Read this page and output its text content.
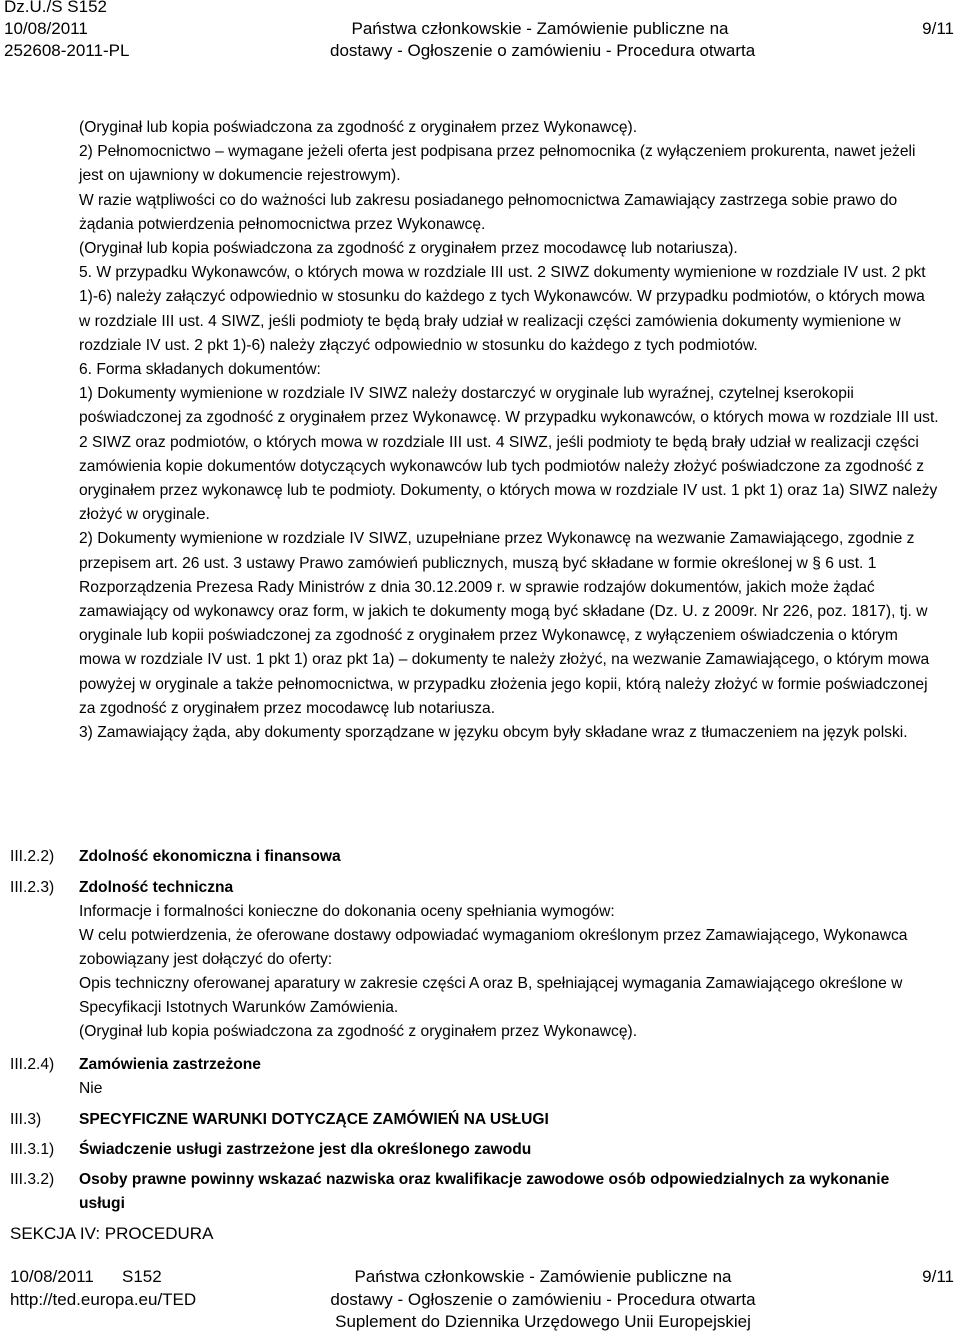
Dz.U./S S152
10/08/2011
252608-2011-PL
Państwa członkowskie - Zamówienie publiczne na
dostawy - Ogłoszenie o zamówieniu - Procedura otwarta
9/11

(Oryginał lub kopia poświadczona za zgodność z oryginałem przez Wykonawcę).

2) Pełnomocnictwo – wymagane jeżeli oferta jest podpisana przez pełnomocnika (z wyłączeniem prokurenta, nawet jeżeli jest on ujawniony w dokumencie rejestrowym).

W razie wątpliwości co do ważności lub zakresu posiadanego pełnomocnictwa Zamawiający zastrzega sobie prawo do żądania potwierdzenia pełnomocnictwa przez Wykonawcę.

(Oryginał lub kopia poświadczona za zgodność z oryginałem przez mocodawcę lub notariusza).

5. W przypadku Wykonawców, o których mowa w rozdziale III ust. 2 SIWZ dokumenty wymienione w rozdziale IV ust. 2 pkt 1)-6) należy załączyć odpowiednio w stosunku do każdego z tych Wykonawców. W przypadku podmiotów, o których mowa w rozdziale III ust. 4 SIWZ, jeśli podmioty te będą brały udział w realizacji części zamówienia dokumenty wymienione w rozdziale IV ust. 2 pkt 1)-6) należy złączyć odpowiednio w stosunku do każdego z tych podmiotów.

6. Forma składanych dokumentów:

1) Dokumenty wymienione w rozdziale IV SIWZ należy dostarczyć w oryginale lub wyraźnej, czytelnej kserokopii poświadczonej za zgodność z oryginałem przez Wykonawcę. W przypadku wykonawców, o których mowa w rozdziale III ust. 2 SIWZ oraz podmiotów, o których mowa w rozdziale III ust. 4 SIWZ, jeśli podmioty te będą brały udział w realizacji części zamówienia kopie dokumentów dotyczących wykonawców lub tych podmiotów należy złożyć poświadczone za zgodność z oryginałem przez wykonawcę lub te podmioty. Dokumenty, o których mowa w rozdziale IV ust. 1 pkt 1) oraz 1a) SIWZ należy złożyć w oryginale.

2) Dokumenty wymienione w rozdziale IV SIWZ, uzupełniane przez Wykonawcę na wezwanie Zamawiającego, zgodnie z przepisem art. 26 ust. 3 ustawy Prawo zamówień publicznych, muszą być składane w formie określonej w § 6 ust. 1 Rozporządzenia Prezesa Rady Ministrów z dnia 30.12.2009 r. w sprawie rodzajów dokumentów, jakich może żądać zamawiający od wykonawcy oraz form, w jakich te dokumenty mogą być składane (Dz. U. z 2009r. Nr 226, poz. 1817), tj. w oryginale lub kopii poświadczonej za zgodność z oryginałem przez Wykonawcę, z wyłączeniem oświadczenia o którym mowa w rozdziale IV ust. 1 pkt 1) oraz pkt 1a) – dokumenty te należy złożyć, na wezwanie Zamawiającego, o którym mowa powyżej w oryginale a także pełnomocnictwa, w przypadku złożenia jego kopii, którą należy złożyć w formie poświadczonej za zgodność z oryginałem przez mocodawcę lub notariusza.

3) Zamawiający żąda, aby dokumenty sporządzane w języku obcym były składane wraz z tłumaczeniem na język polski.

III.2.2) Zdolność ekonomiczna i finansowa
III.2.3) Zdolność techniczna
Informacje i formalności konieczne do dokonania oceny spełniania wymogów:
W celu potwierdzenia, że oferowane dostawy odpowiadać wymaganiom określonym przez Zamawiającego, Wykonawca zobowiązany jest dołączyć do oferty:
Opis techniczny oferowanej aparatury w zakresie części A oraz B, spełniającej wymagania Zamawiającego określone w Specyfikacji Istotnych Warunków Zamówienia.
(Oryginał lub kopia poświadczona za zgodność z oryginałem przez Wykonawcę).
III.2.4) Zamówienia zastrzeżone
Nie
III.3) SPECYFICZNE WARUNKI DOTYCZĄCE ZAMÓWIEŃ NA USŁUGI
III.3.1) Świadczenie usługi zastrzeżone jest dla określonego zawodu
III.3.2) Osoby prawne powinny wskazać nazwiska oraz kwalifikacje zawodowe osób odpowiedzialnych za wykonanie usługi
SEKCJA IV: PROCEDURA
10/08/2011 S152
http://ted.europa.eu/TED
Państwa członkowskie - Zamówienie publiczne na
dostawy - Ogłoszenie o zamówieniu - Procedura otwarta
Suplement do Dziennika Urzędowego Unii Europejskiej
9/11
